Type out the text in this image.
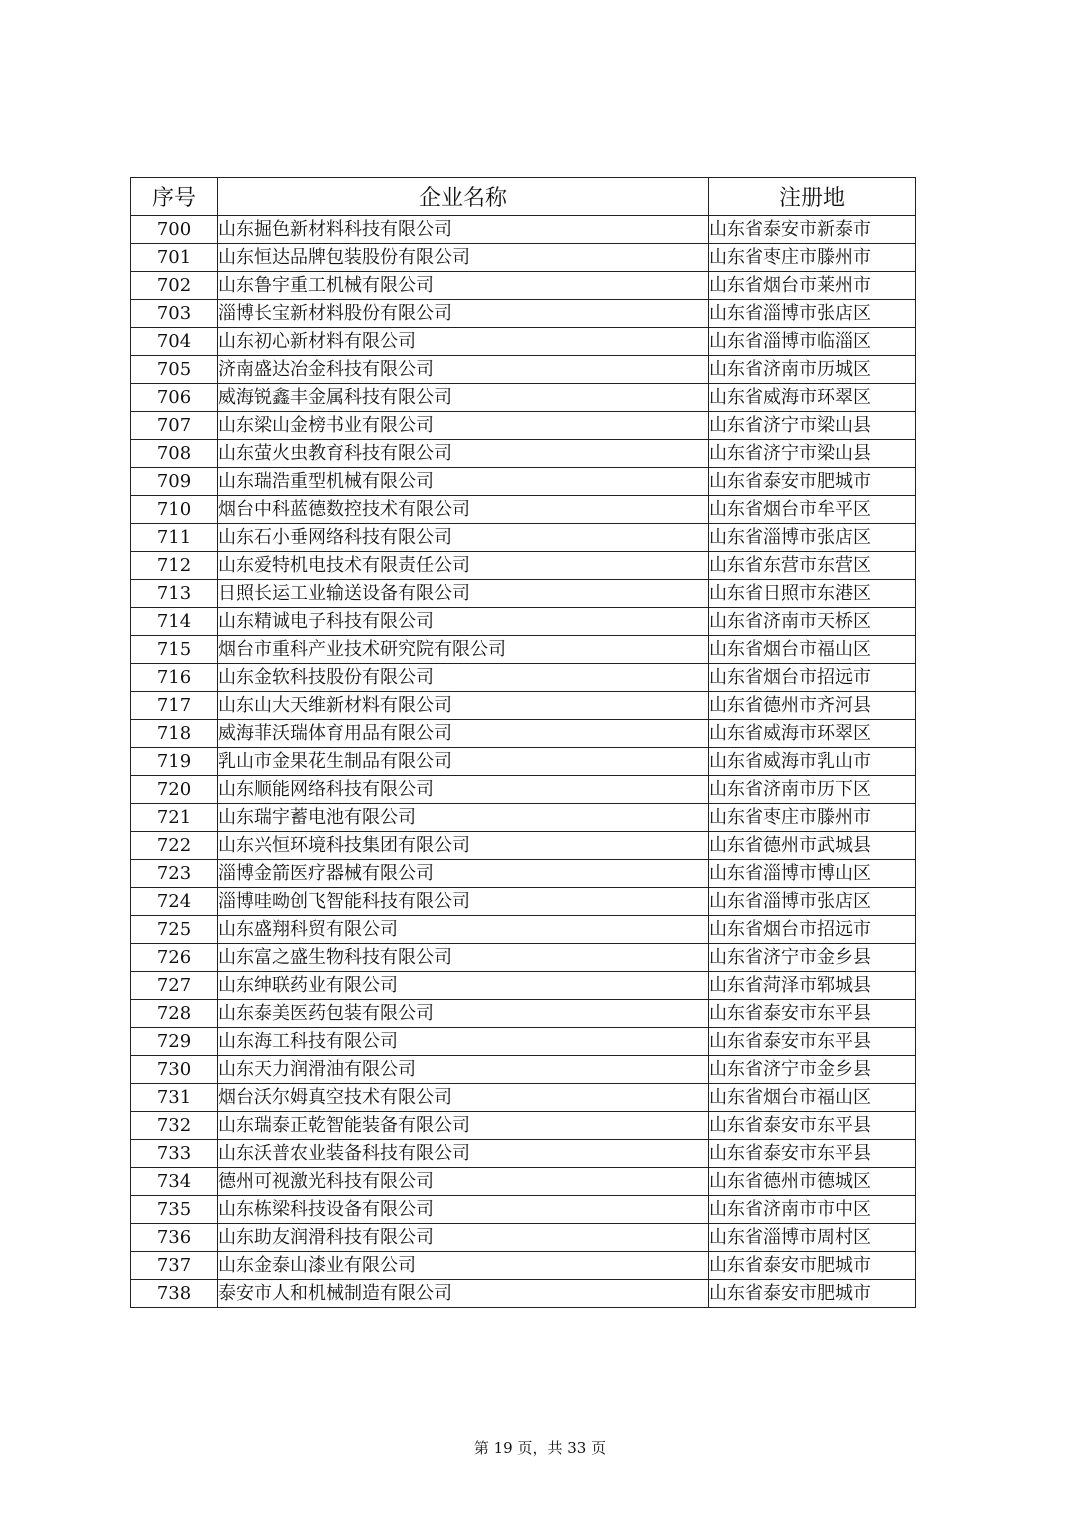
序号	企业名称	注册地
700	山东掘色新材料科技有限公司	山东省泰安市新泰市
701	山东恒达品牌包装股份有限公司	山东省枣庄市滕州市
702	山东鲁宇重工机械有限公司	山东省烟台市莱州市
703	淄博长宝新材料股份有限公司	山东省淄博市张店区
704	山东初心新材料有限公司	山东省淄博市临淄区
705	济南盛达冶金科技有限公司	山东省济南市历城区
706	威海锐鑫丰金属科技有限公司	山东省威海市环翠区
707	山东梁山金榜书业有限公司	山东省济宁市梁山县
708	山东萤火虫教育科技有限公司	山东省济宁市梁山县
709	山东瑞浩重型机械有限公司	山东省泰安市肥城市
710	烟台中科蓝德数控技术有限公司	山东省烟台市牟平区
711	山东石小垂网络科技有限公司	山东省淄博市张店区
712	山东爱特机电技术有限责任公司	山东省东营市东营区
713	日照长运工业输送设备有限公司	山东省日照市东港区
714	山东精诚电子科技有限公司	山东省济南市天桥区
715	烟台市重科产业技术研究院有限公司	山东省烟台市福山区
716	山东金软科技股份有限公司	山东省烟台市招远市
717	山东山大天维新材料有限公司	山东省德州市齐河县
718	威海菲沃瑞体育用品有限公司	山东省威海市环翠区
719	乳山市金果花生制品有限公司	山东省威海市乳山市
720	山东顺能网络科技有限公司	山东省济南市历下区
721	山东瑞宇蓄电池有限公司	山东省枣庄市滕州市
722	山东兴恒环境科技集团有限公司	山东省德州市武城县
723	淄博金箭医疗器械有限公司	山东省淄博市博山区
724	淄博哇呦创飞智能科技有限公司	山东省淄博市张店区
725	山东盛翔科贸有限公司	山东省烟台市招远市
726	山东富之盛生物科技有限公司	山东省济宁市金乡县
727	山东绅联药业有限公司	山东省菏泽市郓城县
728	山东泰美医药包装有限公司	山东省泰安市东平县
729	山东海工科技有限公司	山东省泰安市东平县
730	山东天力润滑油有限公司	山东省济宁市金乡县
731	烟台沃尔姆真空技术有限公司	山东省烟台市福山区
732	山东瑞泰正乾智能装备有限公司	山东省泰安市东平县
733	山东沃普农业装备科技有限公司	山东省泰安市东平县
734	德州可视激光科技有限公司	山东省德州市德城区
735	山东栋梁科技设备有限公司	山东省济南市市中区
736	山东助友润滑科技有限公司	山东省淄博市周村区
737	山东金泰山漆业有限公司	山东省泰安市肥城市
738	泰安市人和机械制造有限公司	山东省泰安市肥城市
第 19 页，共 33 页
